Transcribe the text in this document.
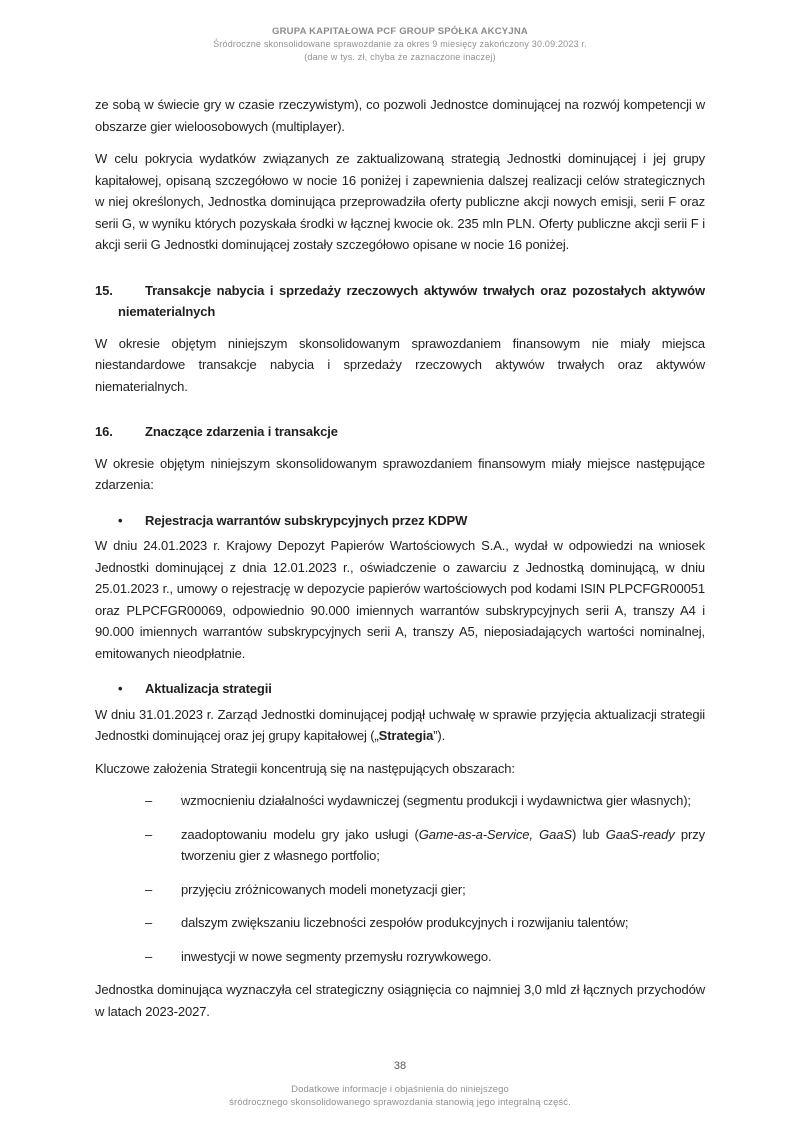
GRUPA KAPITAŁOWA PCF GROUP SPÓŁKA AKCYJNA
Śródroczne skonsolidowane sprawozdanie za okres 9 miesięcy zakończony 30.09.2023 r.
(dane w tys. zł, chyba że zaznaczone inaczej)

ze sobą w świecie gry w czasie rzeczywistym), co pozwoli Jednostce dominującej na rozwój kompetencji w obszarze gier wieloosobowych (multiplayer).

W celu pokrycia wydatków związanych ze zaktualizowaną strategią Jednostki dominującej i jej grupy kapitałowej, opisaną szczegółowo w nocie 16 poniżej i zapewnienia dalszej realizacji celów strategicznych w niej określonych, Jednostka dominująca przeprowadziła oferty publiczne akcji nowych emisji, serii F oraz serii G, w wyniku których pozyskała środki w łącznej kwocie ok. 235 mln PLN. Oferty publiczne akcji serii F i akcji serii G Jednostki dominującej zostały szczegółowo opisane w nocie 16 poniżej.

15. Transakcje nabycia i sprzedaży rzeczowych aktywów trwałych oraz pozostałych aktywów niematerialnych

W okresie objętym niniejszym skonsolidowanym sprawozdaniem finansowym nie miały miejsca niestandardowe transakcje nabycia i sprzedaży rzeczowych aktywów trwałych oraz aktywów niematerialnych.

16. Znaczące zdarzenia i transakcje

W okresie objętym niniejszym skonsolidowanym sprawozdaniem finansowym miały miejsce następujące zdarzenia:

•	Rejestracja warrantów subskrypcyjnych przez KDPW

W dniu 24.01.2023 r. Krajowy Depozyt Papierów Wartościowych S.A., wydał w odpowiedzi na wniosek Jednostki dominującej z dnia 12.01.2023 r., oświadczenie o zawarciu z Jednostką dominującą, w dniu 25.01.2023 r., umowy o rejestrację w depozycie papierów wartościowych pod kodami ISIN PLPCFGR00051 oraz PLPCFGR00069, odpowiednio 90.000 imiennych warrantów subskrypcyjnych serii A, transzy A4 i 90.000 imiennych warrantów subskrypcyjnych serii A, transzy A5, nieposiadających wartości nominalnej, emitowanych nieodpłatnie.

•	Aktualizacja strategii

W dniu 31.01.2023 r. Zarząd Jednostki dominującej podjął uchwałę w sprawie przyjęcia aktualizacji strategii Jednostki dominującej oraz jej grupy kapitałowej („Strategia”).

Kluczowe założenia Strategii koncentrują się na następujących obszarach:

–	wzmocnieniu działalności wydawniczej (segmentu produkcji i wydawnictwa gier własnych);
–	zaadoptowaniu modelu gry jako usługi (Game-as-a-Service, GaaS) lub GaaS-ready przy tworzeniu gier z własnego portfolio;
–	przyjęciu zróżnicowanych modeli monetyzacji gier;
–	dalszym zwiększaniu liczebności zespołów produkcyjnych i rozwijaniu talentów;
–	inwestycji w nowe segmenty przemysłu rozrywkowego.

Jednostka dominująca wyznaczyła cel strategiczny osiągnięcia co najmniej 3,0 mld zł łącznych przychodów w latach 2023-2027.

38
Dodatkowe informacje i objaśnienia do niniejszego
śródrocznego skonsolidowanego sprawozdania stanowią jego integralną część.
